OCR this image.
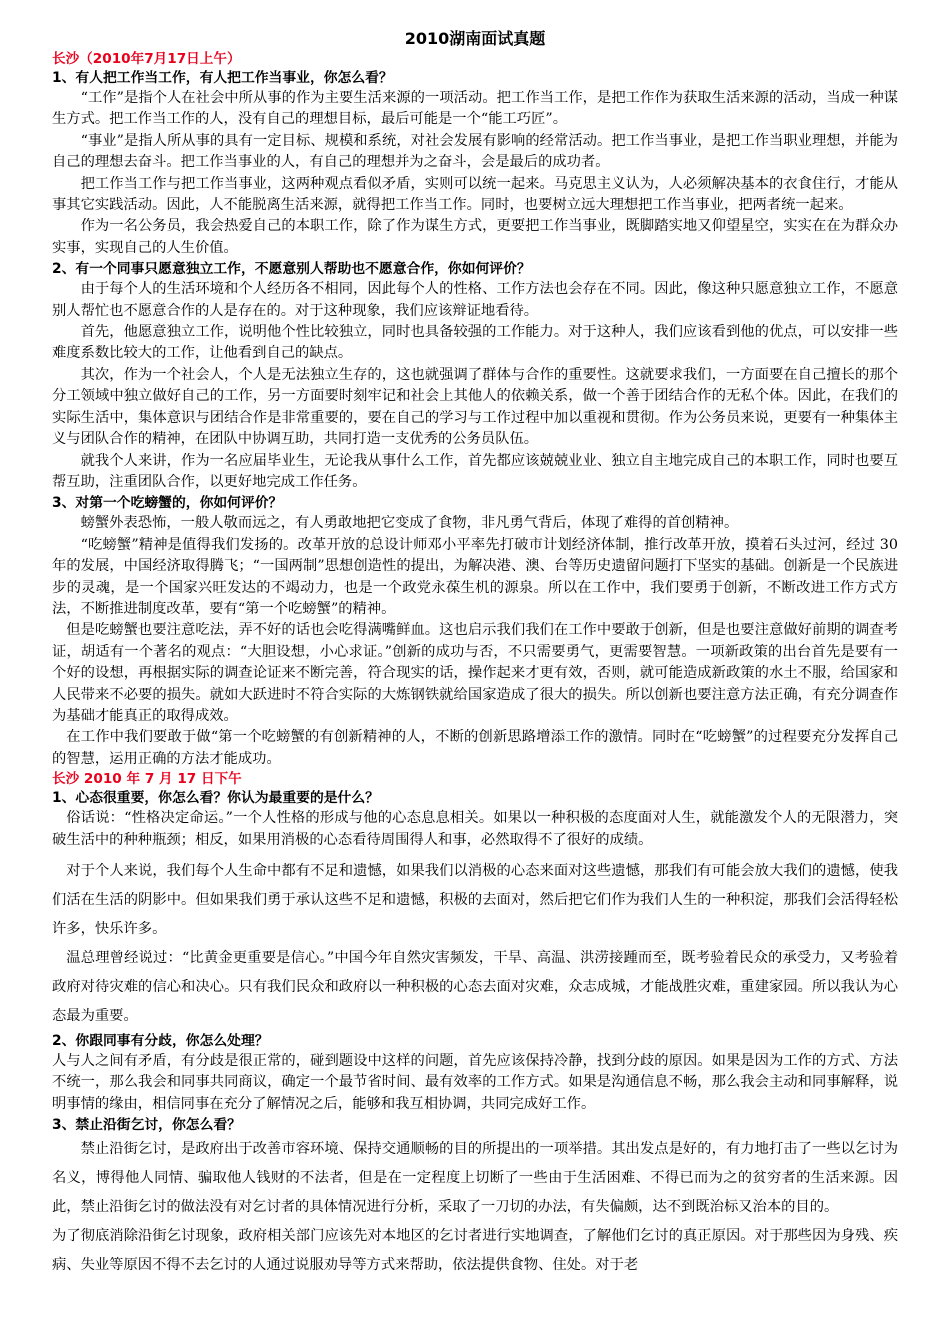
2010湖南面试真题
长沙（2010年7月17日上午）
1、有人把工作当工作，有人把工作当事业，你怎么看？

“工作”是指个人在社会中所从事的作为主要生活来源的一项活动。把工作当工作，是把工作作为获取生活来源的活动，当成一种谋生方式。把工作当工作的人，没有自己的理想目标，最后可能是一个“能工巧匠”。

“事业”是指人所从事的具有一定目标、规模和系统，对社会发展有影响的经常活动。把工作当事业，是把工作当职业理想，并能为自己的理想去奋斗。把工作当事业的人，有自己的理想并为之奋斗，会是最后的成功者。

把工作当工作与把工作当事业，这两种观点看似矛盾，实则可以统一起来。马克思主义认为，人必须解决基本的衣食住行，才能从事其它实践活动。因此，人不能脱离生活来源，就得把工作当工作。同时，也要树立远大理想把工作当事业，把两者统一起来。

作为一名公务员，我会热爱自己的本职工作，除了作为谋生方式，更要把工作当事业，既脚踏实地又仰望星空，实实在在为群众办实事，实现自己的人生价值。

2、有一个同事只愿意独立工作，不愿意别人帮助也不愿意合作，你如何评价？

由于每个人的生活环境和个人经历各不相同，因此每个人的性格、工作方法也会存在不同。因此，像这种只愿意独立工作，不愿意别人帮忙也不愿意合作的人是存在的。对于这种现象，我们应该辩证地看待。

首先，他愿意独立工作，说明他个性比较独立，同时也具备较强的工作能力。对于这种人，我们应该看到他的优点，可以安排一些难度系数比较大的工作，让他看到自己的缺点。

其次，作为一个社会人，个人是无法独立生存的，这也就强调了群体与合作的重要性。这就要求我们，一方面要在自己擅长的那个分工领域中独立做好自己的工作，另一方面要时刻牢记和社会上其他人的依赖关系，做一个善于团结合作的无私个体。因此，在我们的实际生活中，集体意识与团结合作是非常重要的，要在自己的学习与工作过程中加以重视和贯彻。作为公务员来说，更要有一种集体主义与团队合作的精神，在团队中协调互助，共同打造一支优秀的公务员队伍。

就我个人来讲，作为一名应届毕业生，无论我从事什么工作，首先都应该兢兢业业、独立自主地完成自己的本职工作，同时也要互帮互助，注重团队合作，以更好地完成工作任务。

3、对第一个吃螃蟹的，你如何评价？

螃蟹外表恐怖，一般人敬而远之，有人勇敢地把它变成了食物，非凡勇气背后，体现了难得的首创精神。

“吃螃蟹”精神是值得我们发扬的。改革开放的总设计师邓小平率先打破市计划经济体制，推行改革开放，摸着石头过河，经过 30 年的发展，中国经济取得腾飞；“一国两制”思想创造性的提出，为解决港、澳、台等历史遗留问题打下坚实的基础。创新是一个民族进步的灵魂，是一个国家兴旺发达的不竭动力，也是一个政党永葆生机的源泉。所以在工作中，我们要勇于创新，不断改进工作方式方法，不断推进制度改革，要有“第一个吃螃蟹”的精神。

但是吃螃蟹也要注意吃法，弄不好的话也会吃得满嘴鲜血。这也启示我们我们在工作中要敢于创新，但是也要注意做好前期的调查考证，胡适有一个著名的观点：“大胆设想，小心求证。”创新的成功与否，不只需要勇气，更需要智慧。一项新政策的出台首先是要有一个好的设想，再根据实际的调查论证来不断完善，符合现实的话，操作起来才更有效，否则，就可能造成新政策的水土不服，给国家和人民带来不必要的损失。就如大跃进时不符合实际的大炼钢铁就给国家造成了很大的损失。所以创新也要注意方法正确，有充分调查作为基础才能真正的取得成效。

在工作中我们要敢于做“第一个吃螃蟹的有创新精神的人，不断的创新思路增添工作的激情。同时在“吃螃蟹”的过程要充分发挥自己的智慧，运用正确的方法才能成功。

长沙 2010 年 7 月 17 日下午
1、心态很重要，你怎么看？你认为最重要的是什么？

俗话说：“性格决定命运。”一个人性格的形成与他的心态息息相关。如果以一种积极的态度面对人生，就能激发个人的无限潜力，突破生活中的种种瓶颈；相反，如果用消极的心态看待周围得人和事，必然取得不了很好的成绩。

对于个人来说，我们每个人生命中都有不足和遗憾，如果我们以消极的心态来面对这些遗憾，那我们有可能会放大我们的遗憾，使我们活在生活的阴影中。但如果我们勇于承认这些不足和遗憾，积极的去面对，然后把它们作为我们人生的一种积淀，那我们会活得轻松许多，快乐许多。

温总理曾经说过：“比黄金更重要是信心。”中国今年自然灾害频发，干旱、高温、洪涝接踵而至，既考验着民众的承受力，又考验着政府对待灾难的信心和决心。只有我们民众和政府以一种积极的心态去面对灾难，众志成城，才能战胜灾难，重建家园。所以我认为心态最为重要。

2、你跟同事有分歧，你怎么处理？

人与人之间有矛盾，有分歧是很正常的，碰到题设中这样的问题，首先应该保持冷静，找到分歧的原因。如果是因为工作的方式、方法不统一，那么我会和同事共同商议，确定一个最节省时间、最有效率的工作方式。如果是沟通信息不畅，那么我会主动和同事解释，说明事情的缘由，相信同事在充分了解情况之后，能够和我互相协调，共同完成好工作。

3、禁止沿街乞讨，你怎么看？

禁止沿街乞讨，是政府出于改善市容环境、保持交通顺畅的目的所提出的一项举措。其出发点是好的，有力地打击了一些以乞讨为名义，博得他人同情、骗取他人钱财的不法者，但是在一定程度上切断了一些由于生活困难、不得已而为之的贫穷者的生活来源。因此，禁止沿街乞讨的做法没有对乞讨者的具体情况进行分析，采取了一刀切的办法，有失偏颇，达不到既治标又治本的目的。

为了彻底消除沿街乞讨现象，政府相关部门应该先对本地区的乞讨者进行实地调查，了解他们乞讨的真正原因。对于那些因为身残、疾病、失业等原因不得不去乞讨的人通过说服劝导等方式来帮助，依法提供食物、住处。对于老
